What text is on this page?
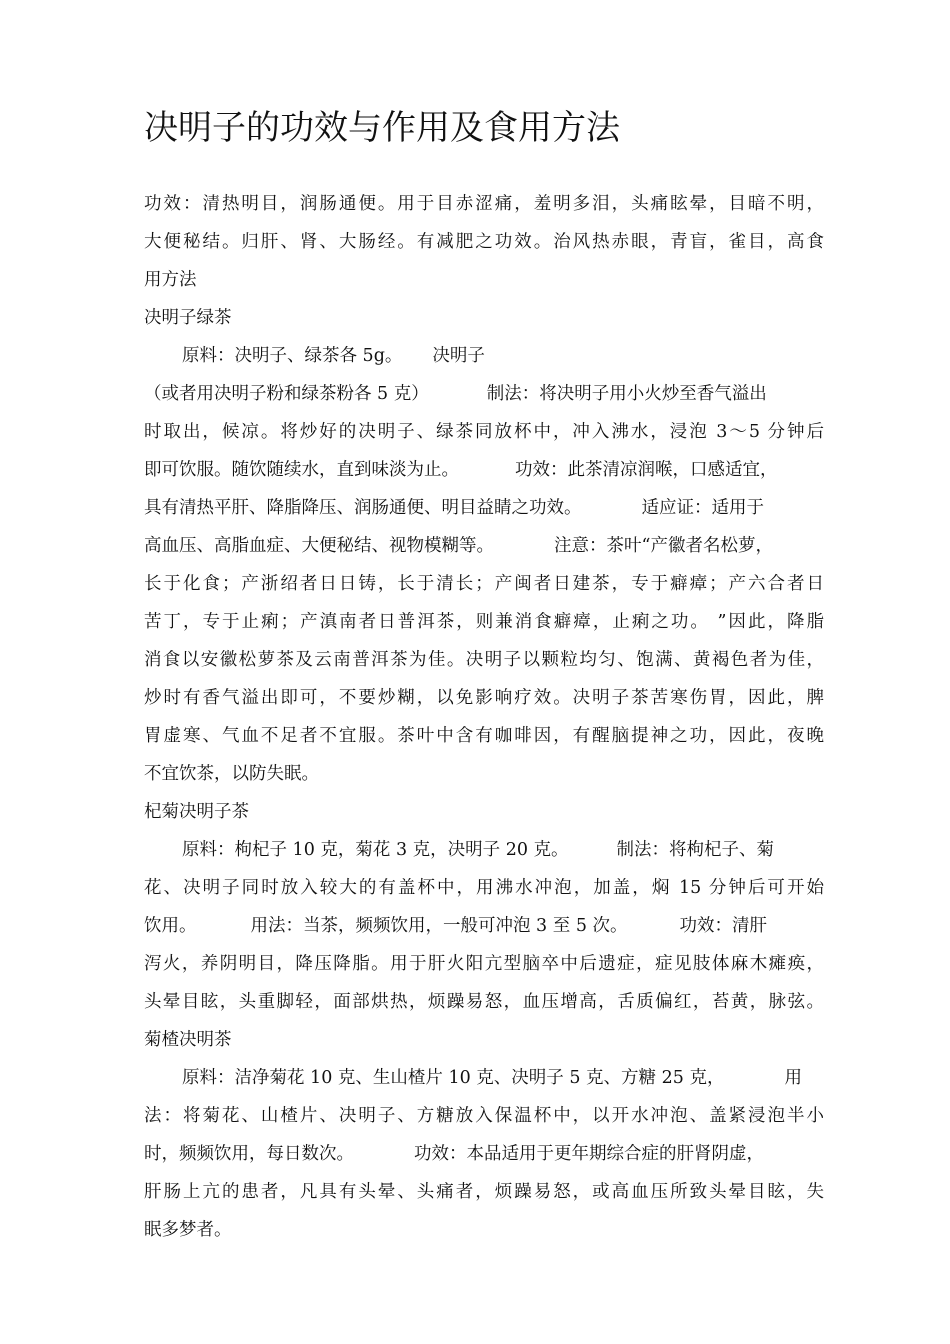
决明子的功效与作用及食用方法

功效：清热明目，润肠通便。用于目赤涩痛，羞明多泪，头痛眩晕，目暗不明，

大便秘结。归肝、肾、大肠经。有减肥之功效。治风热赤眼，青盲，雀目，高食

用方法

决明子绿茶

原料：决明子、绿茶各 5g。 决明子

（或者用决明子粉和绿茶粉各 5 克）	制法：将决明子用小火炒至香气溢出

时取出，候凉。将炒好的决明子、绿茶同放杯中，冲入沸水，浸泡 3～5 分钟后

即可饮服。随饮随续水，直到味淡为止。	功效：此茶清凉润喉，口感适宜，

具有清热平肝、降脂降压、润肠通便、明目益睛之功效。	适应证：适用于

高血压、高脂血症、大便秘结、视物模糊等。	注意：茶叶“产徽者名松萝，

长于化食；产浙绍者日日铸，长于清长；产闽者日建茶，专于癖瘴；产六合者日

苦丁，专于止痢；产滇南者日普洱茶，则兼消食癖瘴，止痢之功。 ”因此，降脂

消食以安徽松萝茶及云南普洱茶为佳。决明子以颗粒均匀、饱满、黄褐色者为佳，

炒时有香气溢出即可，不要炒糊，以免影响疗效。决明子茶苦寒伤胃，因此，脾

胃虚寒、气血不足者不宜服。茶叶中含有咖啡因，有醒脑提神之功，因此，夜晚

不宜饮茶，以防失眠。

杞菊决明子茶

原料：枸杞子 10 克，菊花 3 克，决明子 20 克。	制法：将枸杞子、菊

花、决明子同时放入较大的有盖杯中，用沸水冲泡，加盖，焖 15 分钟后可开始

饮用。	用法：当茶，频频饮用，一般可冲泡 3 至 5 次。	功效：清肝

泻火，养阴明目，降压降脂。用于肝火阳亢型脑卒中后遗症，症见肢体麻木瘫痪，

头晕目眩，头重脚轻，面部烘热，烦躁易怒，血压增高，舌质偏红，苔黄，脉弦。

菊楂决明茶

原料：洁净菊花 10 克、生山楂片 10 克、决明子 5 克、方糖 25 克，	用

法：将菊花、山楂片、决明子、方糖放入保温杯中，以开水冲泡、盖紧浸泡半小

时，频频饮用，每日数次。	功效：本品适用于更年期综合症的肝肾阴虚，

肝肠上亢的患者，凡具有头晕、头痛者，烦躁易怒，或高血压所致头晕目眩，失

眠多梦者。
